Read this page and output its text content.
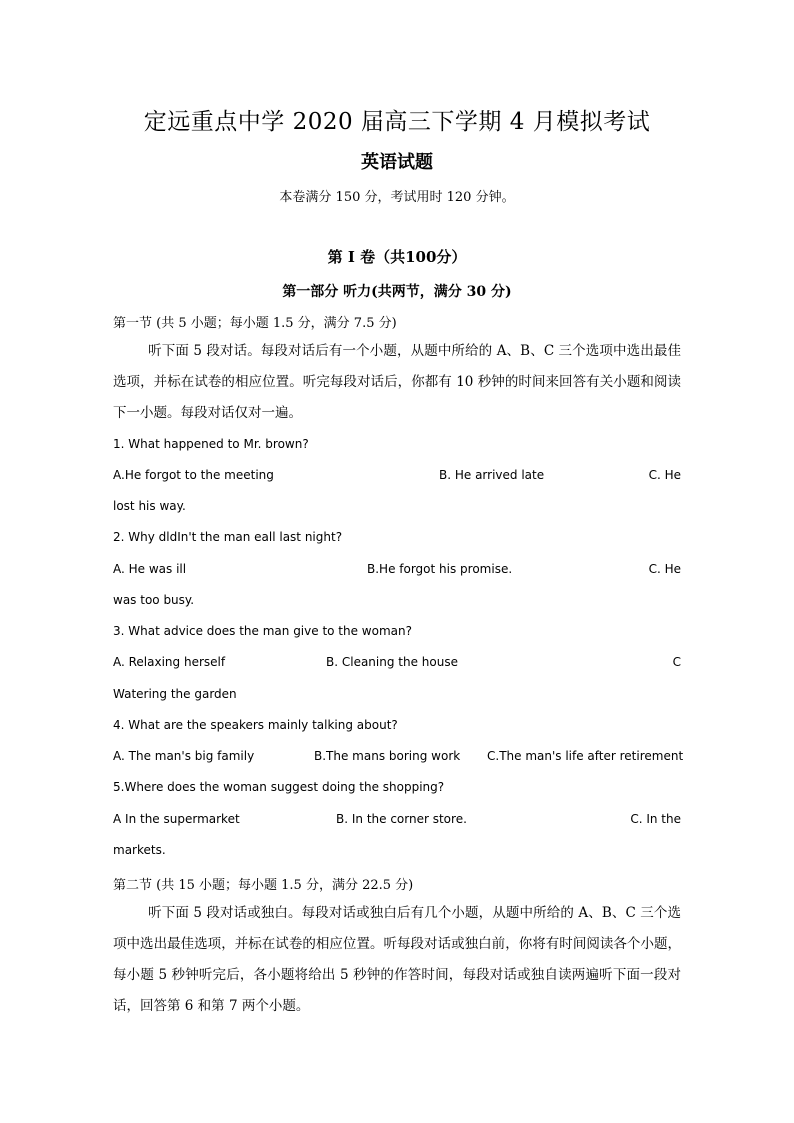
定远重点中学 2020 届高三下学期 4 月模拟考试
英语试题
本卷满分 150 分，考试用时 120 分钟。
第 I 卷（共100分）
第一部分 听力(共两节，满分 30 分)
第一节 (共 5 小题；每小题 1.5 分，满分 7.5 分)
听下面 5 段对话。每段对话后有一个小题，从题中所给的 A、B、C 三个选项中选出最佳选项，并标在试卷的相应位置。听完每段对话后，你都有 10 秒钟的时间来回答有关小题和阅读下一小题。每段对话仅对一遍。
1. What happened to Mr. brown?
A.He forgot to the meeting	B. He arrived late	C. He
lost his way.
2. Why dldIn't the man eall last night?
A. He was ill	B.He forgot his promise.	C. He
was too busy.
3. What advice does the man give to the woman?
A. Relaxing herself	B. Cleaning the house	C
Watering the garden
4. What are the speakers mainly talking about?
A. The man's big family	B.The mans boring work C.The man's life after retirement
5.Where does the woman suggest doing the shopping?
A In the supermarket	B. In the corner store.	C. In the
markets.
第二节 (共 15 小题；每小题 1.5 分，满分 22.5 分)
听下面 5 段对话或独白。每段对话或独白后有几个小题，从题中所给的 A、B、C 三个选项中选出最佳选项，并标在试卷的相应位置。听每段对话或独白前，你将有时间阅读各个小题，每小题 5 秒钟听完后，各小题将给出 5 秒钟的作答时间，每段对话或独自读两遍听下面一段对话，回答第 6 和第 7 两个小题。
